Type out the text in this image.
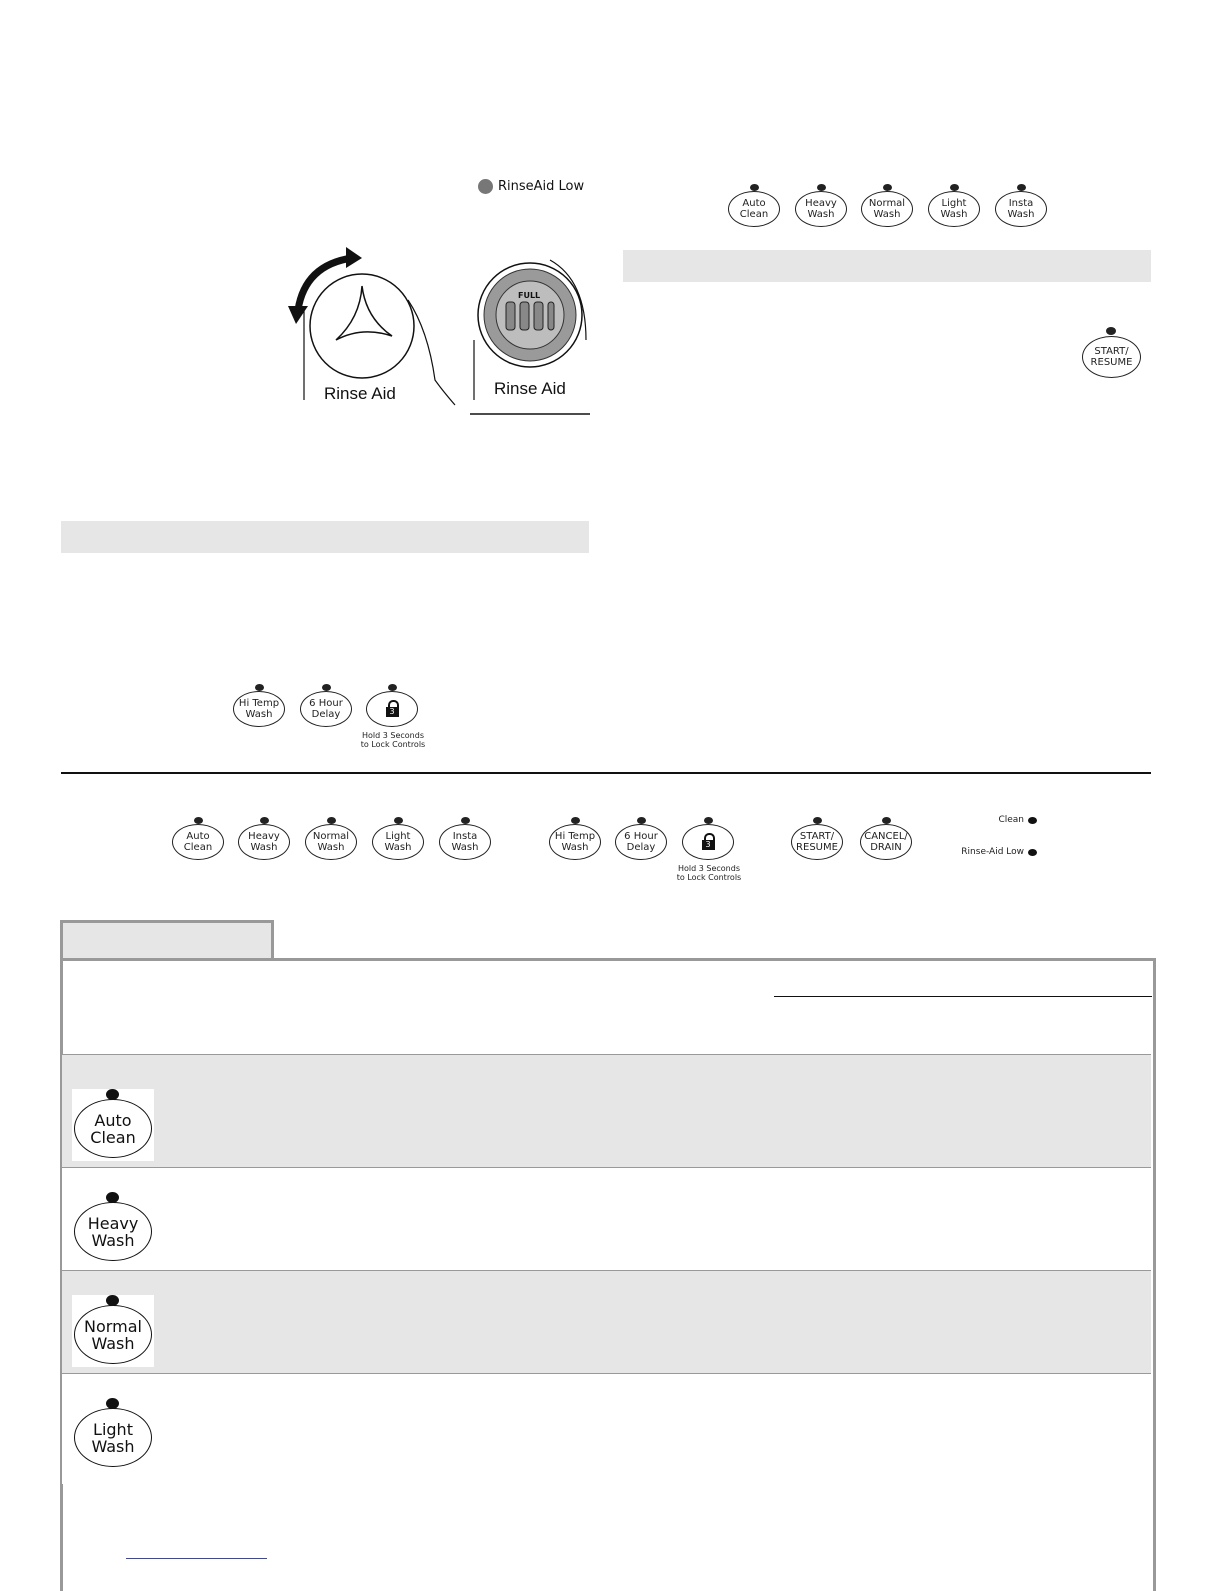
RinseAid Low
FULL
Rinse Aid	Rinse Aid
Auto
Clean
Heavy
Wash
Normal
Wash
Light
Wash
Insta
Wash
START/
RESUME
Hi Temp
Wash
6 Hour
Delay	3
Hold 3 Seconds
to Lock Controls
Auto
Clean
Heavy
Wash
Normal
Wash
Light
Wash
Insta
Wash
Hi Temp
Wash
6 Hour
Delay	3
Hold 3 Seconds
to Lock Controls
START/
RESUME
CANCEL/
DRAIN
Clean
Rinse-Aid Low
Auto
Clean
Heavy
Wash
Normal
Wash
Light
Wash
